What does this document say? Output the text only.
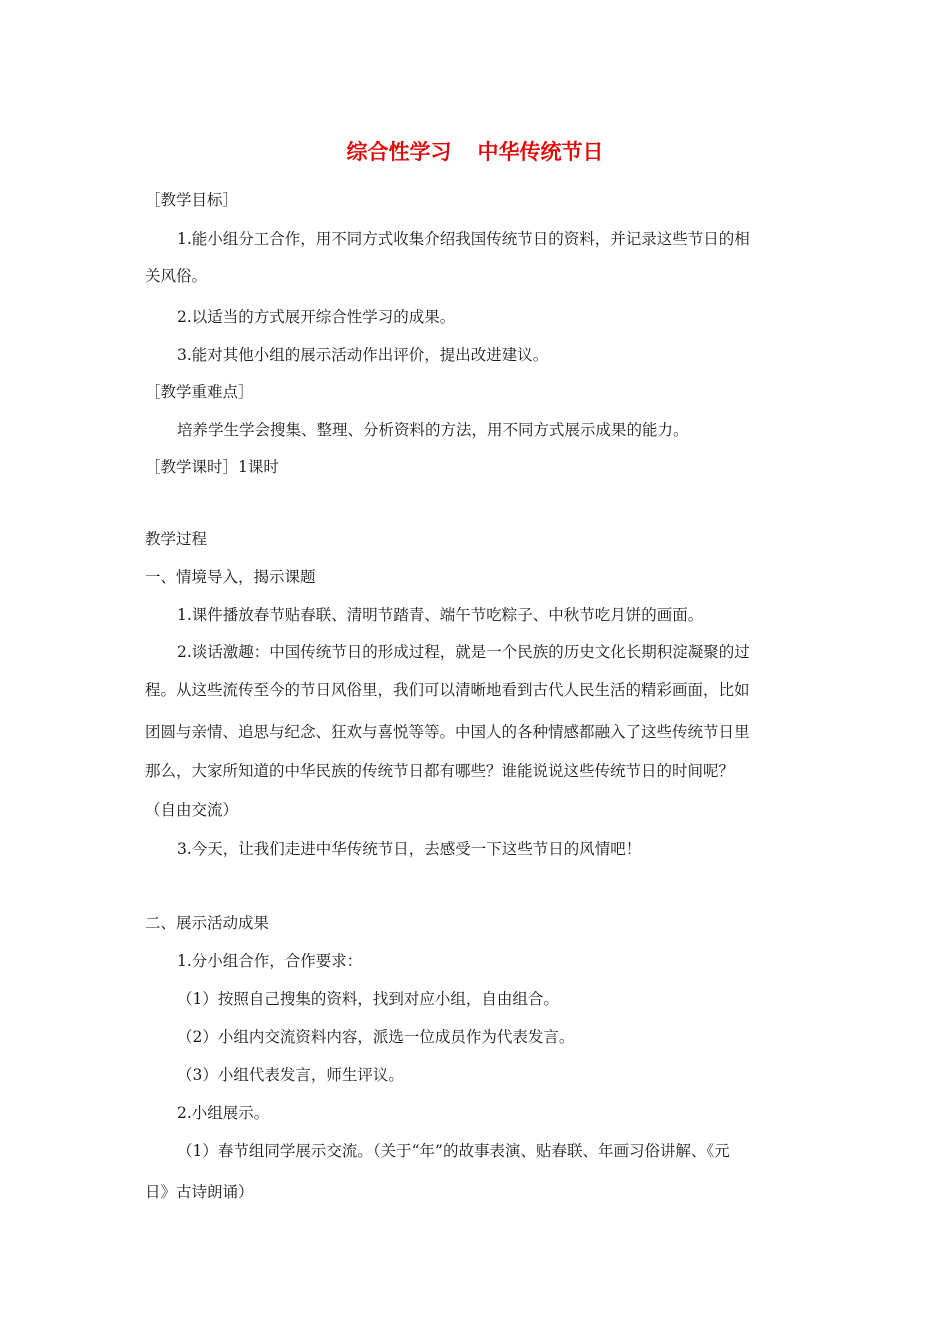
综合性学习 中华传统节日
［教学目标］
1.能小组分工合作，用不同方式收集介绍我国传统节日的资料，并记录这些节日的相
关风俗。
2.以适当的方式展开综合性学习的成果。
3.能对其他小组的展示活动作出评价，提出改进建议。
［教学重难点］
培养学生学会搜集、整理、分析资料的方法，用不同方式展示成果的能力。
［教学课时］1课时
教学过程
一、情境导入，揭示课题
1.课件播放春节贴春联、清明节踏青、端午节吃粽子、中秋节吃月饼的画面。
2.谈话激趣：中国传统节日的形成过程，就是一个民族的历史文化长期积淀凝聚的过
程。从这些流传至今的节日风俗里，我们可以清晰地看到古代人民生活的精彩画面，比如
团圆与亲情、追思与纪念、狂欢与喜悦等等。中国人的各种情感都融入了这些传统节日里
那么，大家所知道的中华民族的传统节日都有哪些？谁能说说这些传统节日的时间呢？
（自由交流）
3.今天，让我们走进中华传统节日，去感受一下这些节日的风情吧！
二、展示活动成果
1.分小组合作，合作要求：
（1）按照自己搜集的资料，找到对应小组，自由组合。
（2）小组内交流资料内容，派选一位成员作为代表发言。
（3）小组代表发言，师生评议。
2.小组展示。
（1）春节组同学展示交流。（关于“年”的故事表演、贴春联、年画习俗讲解、《元
日》古诗朗诵）
